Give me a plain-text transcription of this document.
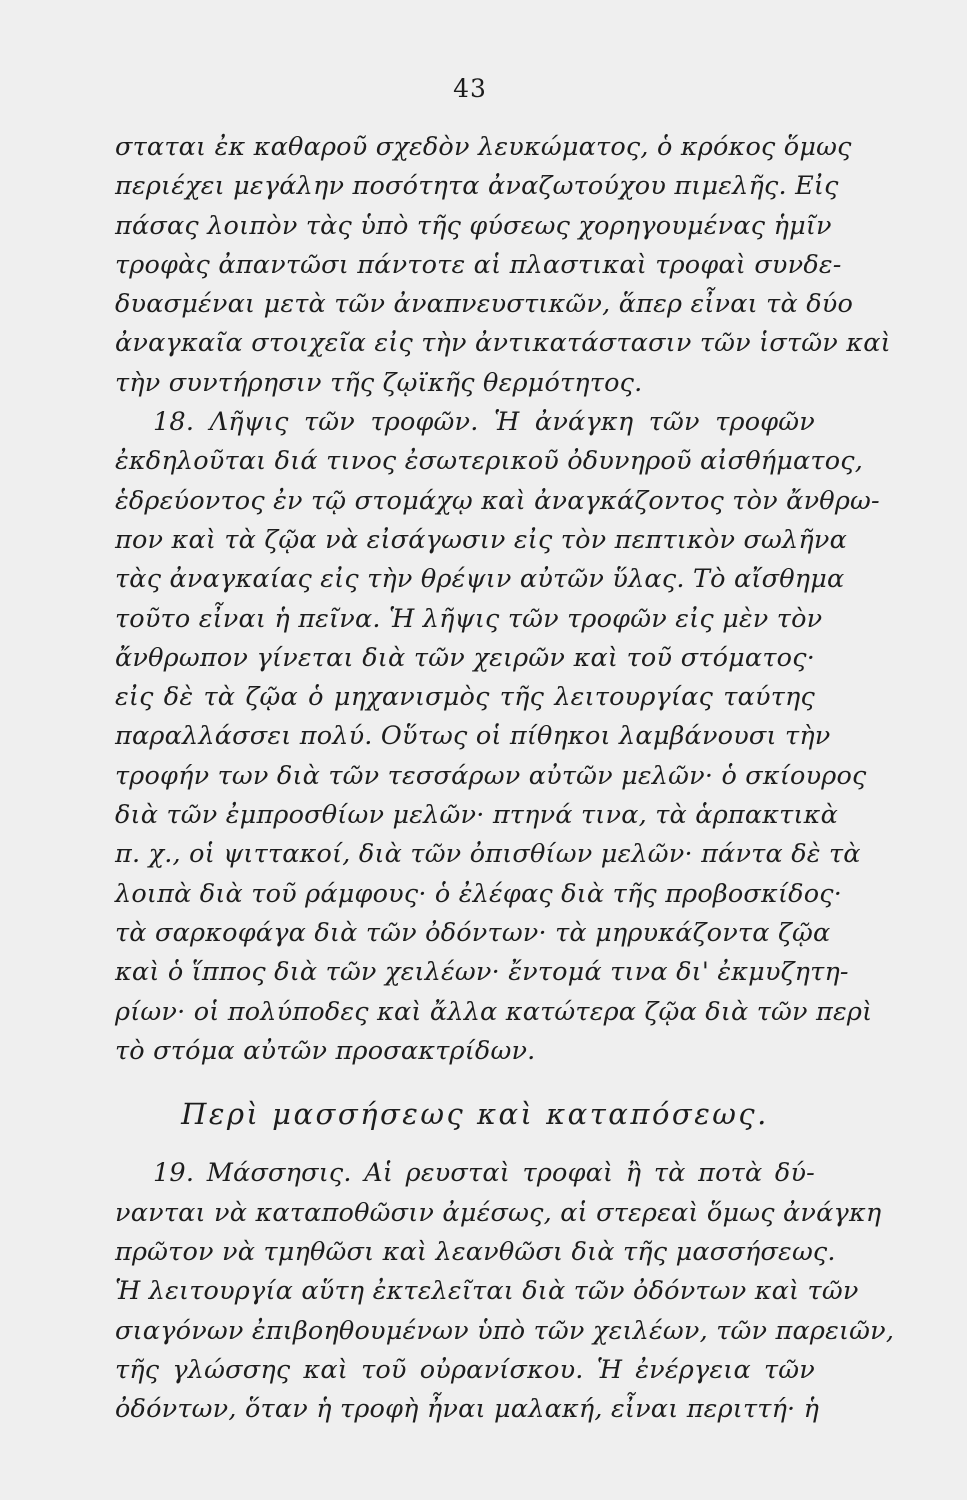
43
σταται ἐκ καθαροῦ σχεδὸν λευκώματος, ὁ κρόκος ὅμως
περιέχει μεγάλην ποσότητα ἀναζωτούχου πιμελῆς. Εἰς
πάσας λοιπὸν τὰς ὑπὸ τῆς φύσεως χορηγουμένας ἡμῖν
τροφὰς ἀπαντῶσι πάντοτε αἱ πλαστικαὶ τροφαὶ συνδε-
δυασμέναι μετὰ τῶν ἀναπνευστικῶν, ἅπερ εἶναι τὰ δύο
ἀναγκαῖα στοιχεῖα εἰς τὴν ἀντικατάστασιν τῶν ἱστῶν καὶ
τὴν συντήρησιν τῆς ζῳϊκῆς θερμότητος.
18. Λῆψις τῶν τροφῶν. Ἡ ἀνάγκη τῶν τροφῶν
ἐκδηλοῦται διά τινος ἐσωτερικοῦ ὀδυνηροῦ αἰσθήματος,
ἑδρεύοντος ἐν τῷ στομάχῳ καὶ ἀναγκάζοντος τὸν ἄνθρω-
πον καὶ τὰ ζῷα νὰ εἰσάγωσιν εἰς τὸν πεπτικὸν σωλῆνα
τὰς ἀναγκαίας εἰς τὴν θρέψιν αὐτῶν ὕλας. Τὸ αἴσθημα
τοῦτο εἶναι ἡ πεῖνα. Ἡ λῆψις τῶν τροφῶν εἰς μὲν τὸν
ἄνθρωπον γίνεται διὰ τῶν χειρῶν καὶ τοῦ στόματος·
εἰς δὲ τὰ ζῷα ὁ μηχανισμὸς τῆς λειτουργίας ταύτης
παραλλάσσει πολύ. Οὕτως οἱ πίθηκοι λαμβάνουσι τὴν
τροφήν των διὰ τῶν τεσσάρων αὐτῶν μελῶν· ὁ σκίουρος
διὰ τῶν ἐμπροσθίων μελῶν· πτηνά τινα, τὰ ἁρπακτικὰ
π. χ., οἱ ψιττακοί, διὰ τῶν ὀπισθίων μελῶν· πάντα δὲ τὰ
λοιπὰ διὰ τοῦ ράμφους· ὁ ἐλέφας διὰ τῆς προβοσκίδος·
τὰ σαρκοφάγα διὰ τῶν ὀδόντων· τὰ μηρυκάζοντα ζῷα
καὶ ὁ ἵππος διὰ τῶν χειλέων· ἔντομά τινα δι' ἐκμυζητη-
ρίων· οἱ πολύποδες καὶ ἄλλα κατώτερα ζῷα διὰ τῶν περὶ
τὸ στόμα αὐτῶν προσακτρίδων.
Περὶ μασσήσεως καὶ καταπόσεως.
19. Μάσσησις. Αἱ ρευσταὶ τροφαὶ ἢ τὰ ποτὰ δύ-
νανται νὰ καταποθῶσιν ἀμέσως, αἱ στερεαὶ ὅμως ἀνάγκη
πρῶτον νὰ τμηθῶσι καὶ λεανθῶσι διὰ τῆς μασσήσεως.
Ἡ λειτουργία αὕτη ἐκτελεῖται διὰ τῶν ὀδόντων καὶ τῶν
σιαγόνων ἐπιβοηθουμένων ὑπὸ τῶν χειλέων, τῶν παρειῶν,
τῆς γλώσσης καὶ τοῦ οὐρανίσκου. Ἡ ἐνέργεια τῶν
ὀδόντων, ὅταν ἡ τροφὴ ἦναι μαλακή, εἶναι περιττή· ἡ
